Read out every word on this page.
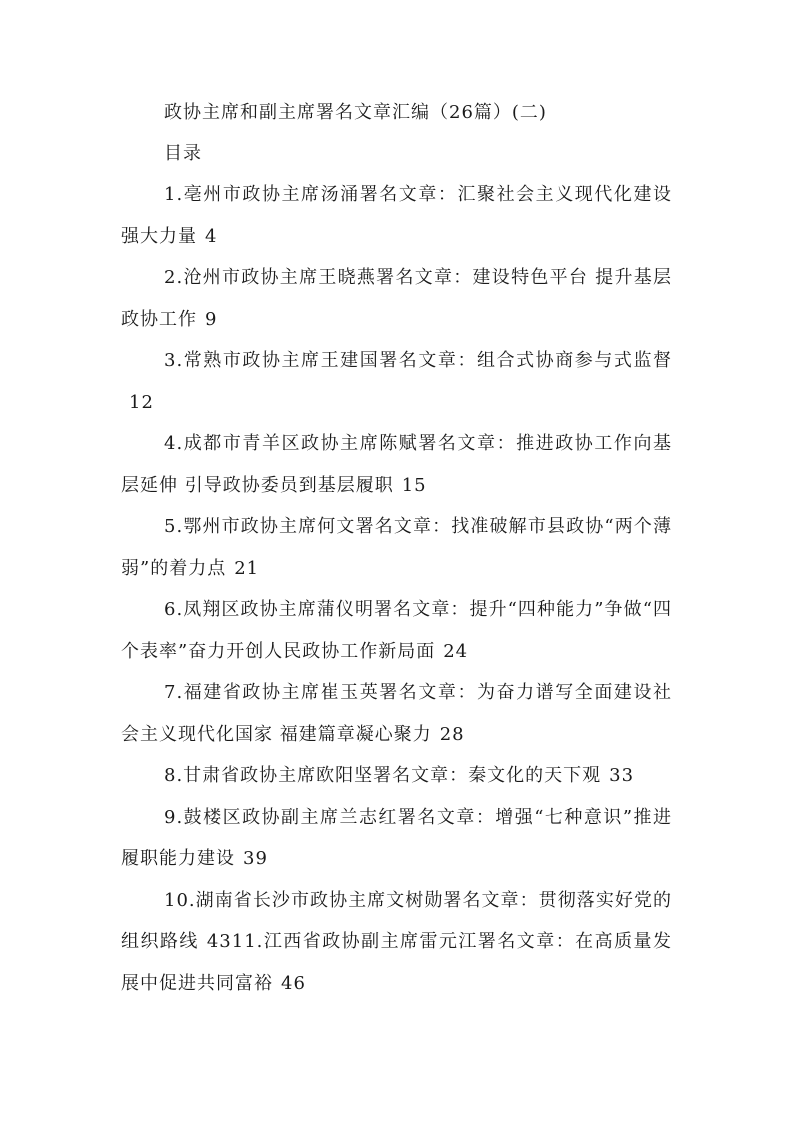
政协主席和副主席署名文章汇编（26篇）(二)
目录
1.亳州市政协主席汤涌署名文章：汇聚社会主义现代化建设强大力量 4
2.沧州市政协主席王晓燕署名文章：建设特色平台 提升基层政协工作 9
3.常熟市政协主席王建国署名文章：组合式协商参与式监督12
4.成都市青羊区政协主席陈赋署名文章：推进政协工作向基层延伸 引导政协委员到基层履职 15
5.鄂州市政协主席何文署名文章：找准破解市县政协“两个薄弱”的着力点 21
6.凤翔区政协主席蒲仪明署名文章：提升“四种能力”争做“四个表率”奋力开创人民政协工作新局面 24
7.福建省政协主席崔玉英署名文章：为奋力谱写全面建设社会主义现代化国家 福建篇章凝心聚力 28
8.甘肃省政协主席欧阳坚署名文章：秦文化的天下观 33
9.鼓楼区政协副主席兰志红署名文章：增强“七种意识”推进履职能力建设 39
10.湖南省长沙市政协主席文树勋署名文章：贯彻落实好党的组织路线 4311.江西省政协副主席雷元江署名文章：在高质量发展中促进共同富裕 46
